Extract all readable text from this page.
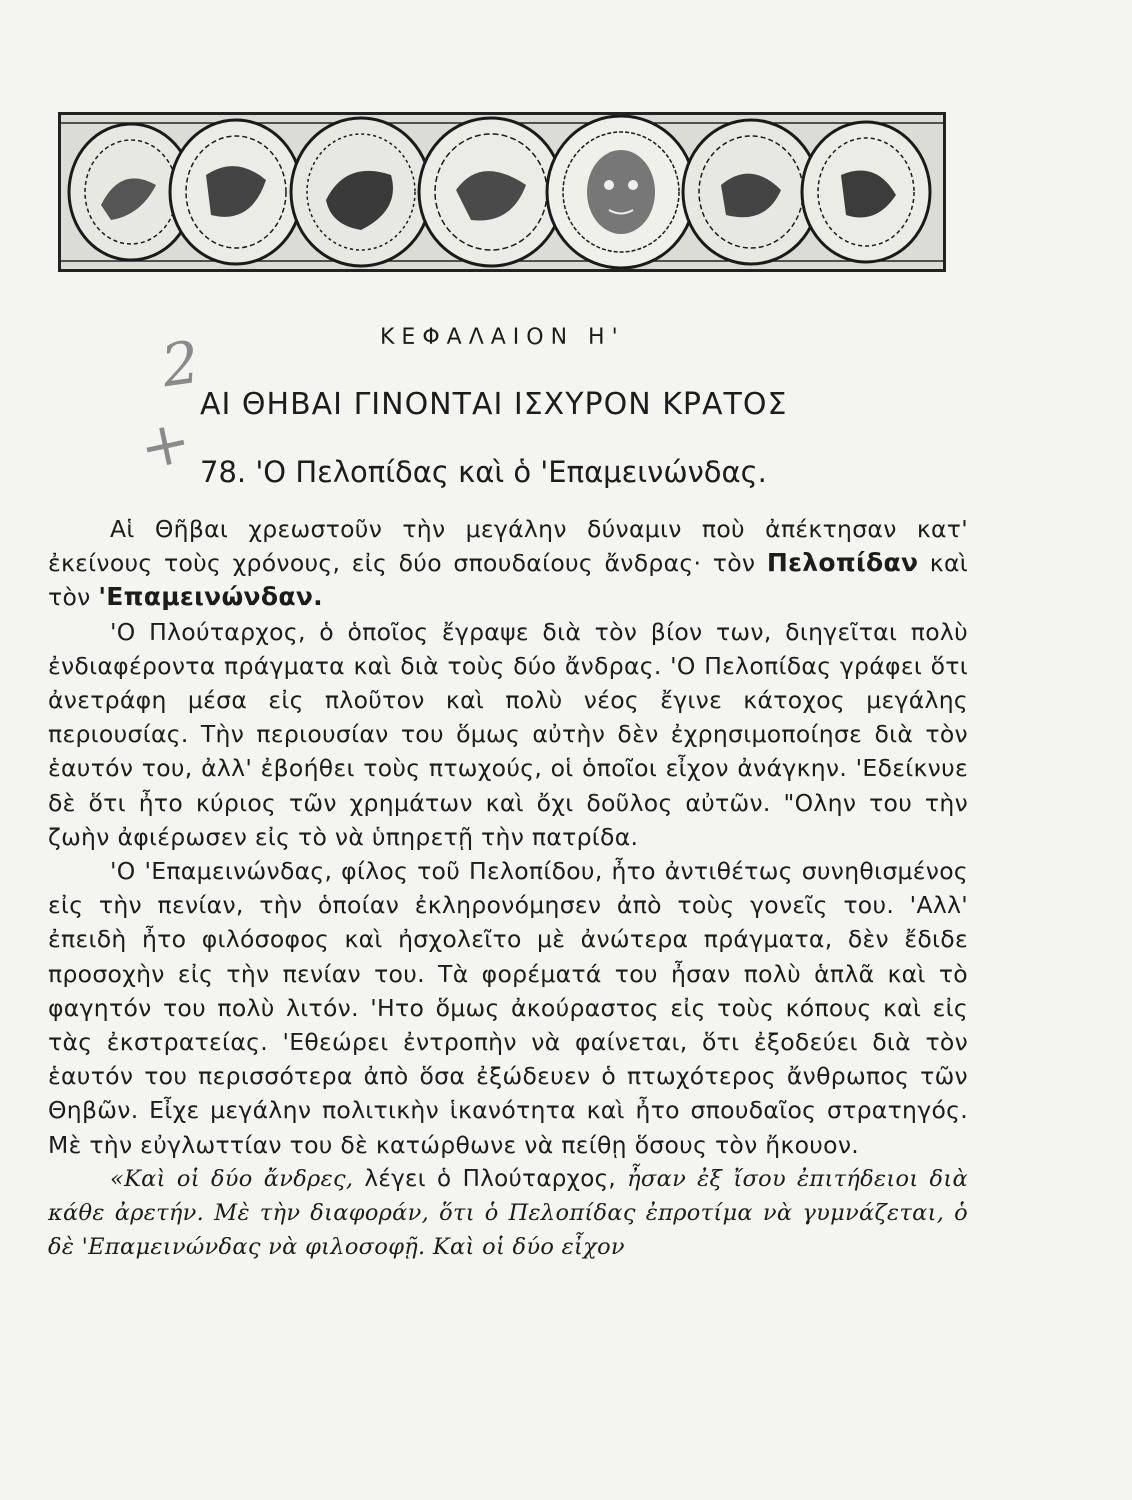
2
+
ΚΕΦΑΛΑΙΟΝ Η'
ΑΙ ΘΗΒΑΙ ΓΙΝΟΝΤΑΙ ΙΣΧΥΡΟΝ ΚΡΑΤΟΣ
78. 'Ο Πελοπίδας καὶ ὁ 'Επαμεινώνδας.

Αἱ Θῆβαι χρεωστοῦν τὴν μεγάλην δύναμιν ποὺ ἀπέκτησαν κατ' ἐκείνους τοὺς χρόνους, εἰς δύο σπουδαίους ἄνδρας· τὸν Πελοπίδαν καὶ τὸν 'Επαμεινώνδαν.

'Ο Πλούταρχος, ὁ ὁποῖος ἔγραψε διὰ τὸν βίον των, διηγεῖται πολὺ ἐνδιαφέροντα πράγματα καὶ διὰ τοὺς δύο ἄνδρας. 'Ο Πελοπίδας γράφει ὅτι ἀνετράφη μέσα εἰς πλοῦτον καὶ πολὺ νέος ἔγινε κάτοχος μεγάλης περιουσίας. Τὴν περιουσίαν του ὅμως αὐτὴν δὲν ἐχρησιμοποίησε διὰ τὸν ἑαυτόν του, ἀλλ' ἐβοήθει τοὺς πτωχούς, οἱ ὁποῖοι εἶχον ἀνάγκην. 'Εδείκνυε δὲ ὅτι ἦτο κύριος τῶν χρημάτων καὶ ὄχι δοῦλος αὐτῶν. "Ολην του τὴν ζωὴν ἀφιέρωσεν εἰς τὸ νὰ ὑπηρετῇ τὴν πατρίδα.

'Ο 'Επαμεινώνδας, φίλος τοῦ Πελοπίδου, ἦτο ἀντιθέτως συνηθισμένος εἰς τὴν πενίαν, τὴν ὁποίαν ἐκληρονόμησεν ἀπὸ τοὺς γονεῖς του. 'Αλλ' ἐπειδὴ ἦτο φιλόσοφος καὶ ἠσχολεῖτο μὲ ἀνώτερα πράγματα, δὲν ἔδιδε προσοχὴν εἰς τὴν πενίαν του. Τὰ φορέματά του ἦσαν πολὺ ἁπλᾶ καὶ τὸ φαγητόν του πολὺ λιτόν. 'Ητο ὅμως ἀκούραστος εἰς τοὺς κόπους καὶ εἰς τὰς ἐκστρατείας. 'Εθεώρει ἐντροπὴν νὰ φαίνεται, ὅτι ἐξοδεύει διὰ τὸν ἑαυτόν του περισσότερα ἀπὸ ὅσα ἐξώδευεν ὁ πτωχότερος ἄνθρωπος τῶν Θηβῶν. Εἶχε μεγάλην πολιτικὴν ἱκανότητα καὶ ἦτο σπουδαῖος στρατηγός. Μὲ τὴν εὐγλωττίαν του δὲ κατώρθωνε νὰ πείθῃ ὅσους τὸν ἤκουον.

«Καὶ οἱ δύο ἄνδρες, λέγει ὁ Πλούταρχος, ἦσαν ἐξ ἴσου ἐπιτήδειοι διὰ κάθε ἀρετήν. Μὲ τὴν διαφοράν, ὅτι ὁ Πελοπίδας ἐπροτίμα νὰ γυμνάζεται, ὁ δὲ 'Επαμεινώνδας νὰ φιλοσοφῇ. Καὶ οἱ δύο εἶχον
